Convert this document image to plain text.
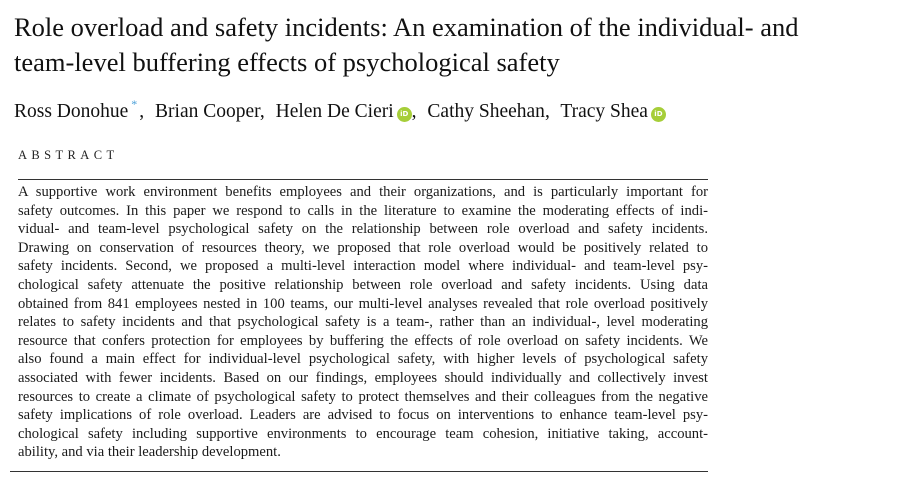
Role overload and safety incidents: An examination of the individual- and
team-level buffering effects of psychological safety
Ross Donohue * , Brian Cooper, Helen De Cieri iD , Cathy Sheehan, Tracy Shea iD
ABSTRACT
A supportive work environment benefits employees and their organizations, and is particularly important for
safety outcomes. In this paper we respond to calls in the literature to examine the moderating effects of indi-
vidual- and team-level psychological safety on the relationship between role overload and safety incidents.
Drawing on conservation of resources theory, we proposed that role overload would be positively related to
safety incidents. Second, we proposed a multi-level interaction model where individual- and team-level psy-
chological safety attenuate the positive relationship between role overload and safety incidents. Using data
obtained from 841 employees nested in 100 teams, our multi-level analyses revealed that role overload positively
relates to safety incidents and that psychological safety is a team-, rather than an individual-, level moderating
resource that confers protection for employees by buffering the effects of role overload on safety incidents. We
also found a main effect for individual-level psychological safety, with higher levels of psychological safety
associated with fewer incidents. Based on our findings, employees should individually and collectively invest
resources to create a climate of psychological safety to protect themselves and their colleagues from the negative
safety implications of role overload. Leaders are advised to focus on interventions to enhance team-level psy-
chological safety including supportive environments to encourage team cohesion, initiative taking, account-
ability, and via their leadership development.
